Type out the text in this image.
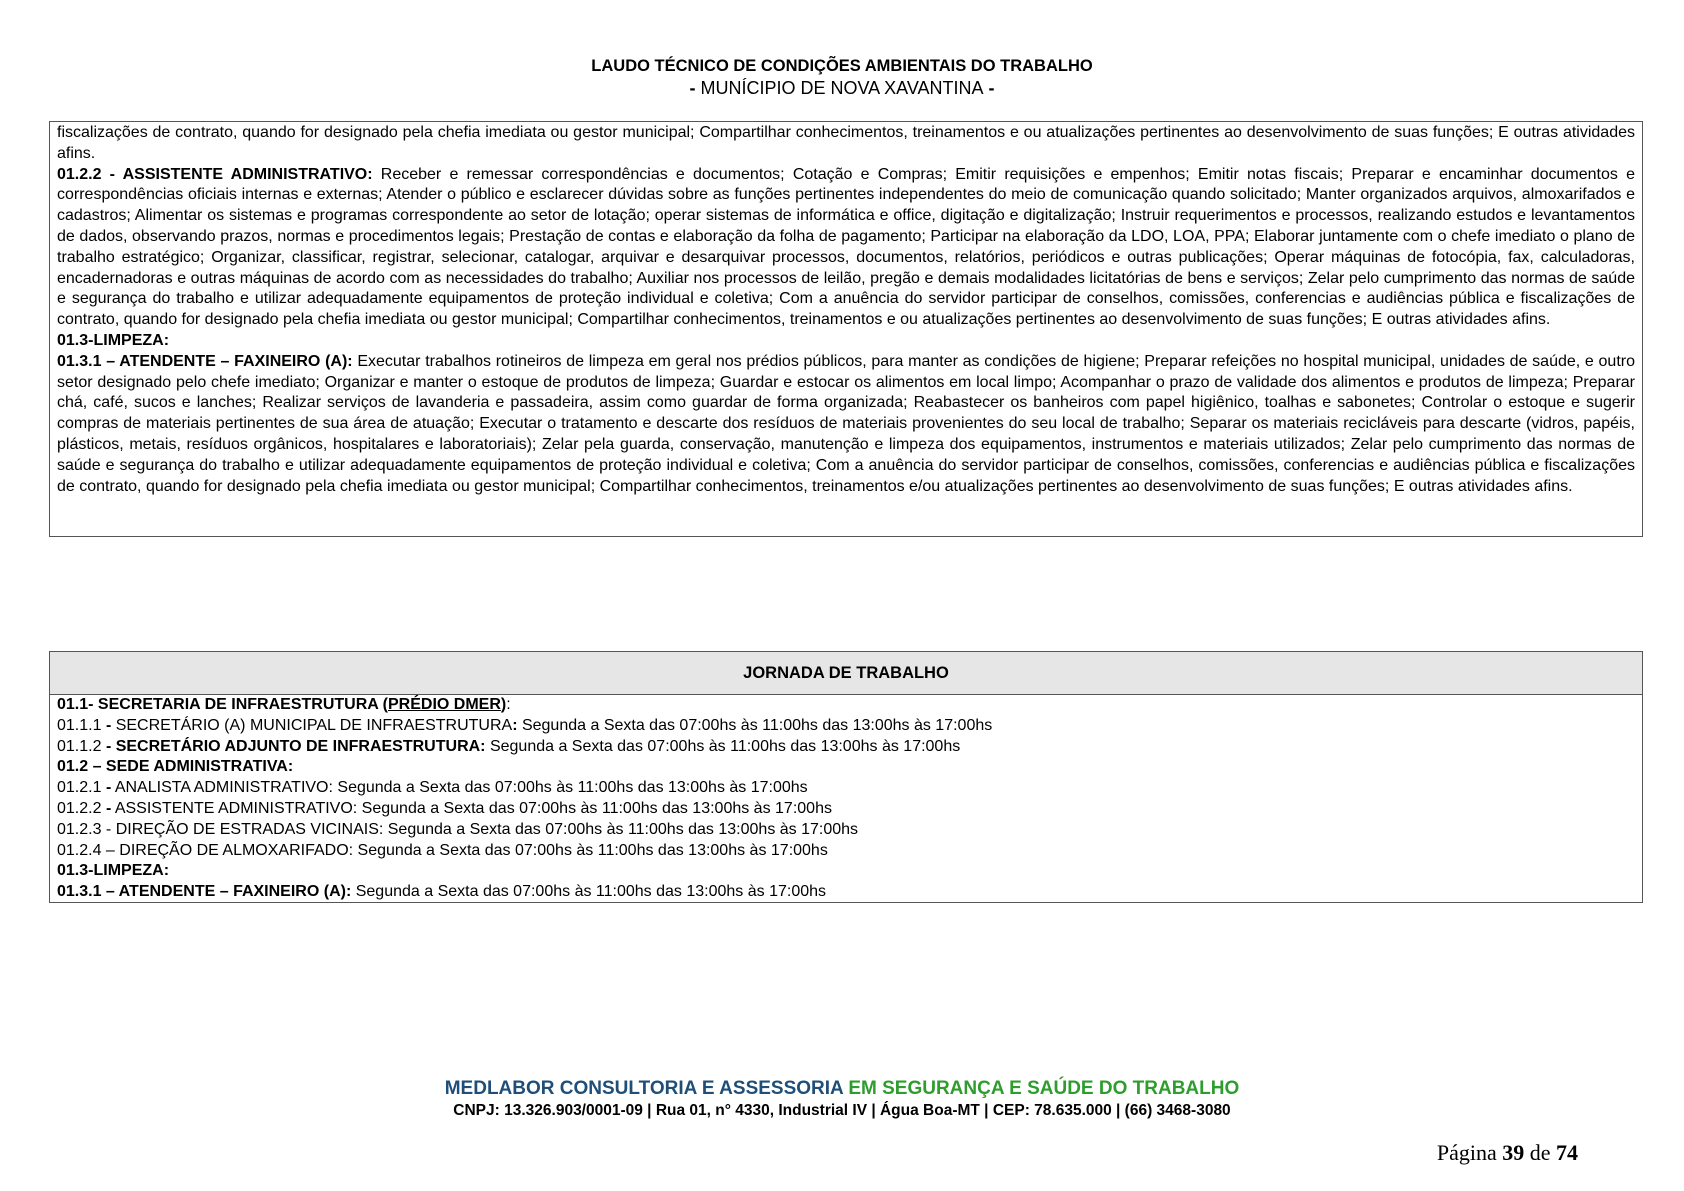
LAUDO TÉCNICO DE CONDIÇÕES AMBIENTAIS DO TRABALHO
- MUNÍCIPIO DE NOVA XAVANTINA -

fiscalizações de contrato, quando for designado pela chefia imediata ou gestor municipal; Compartilhar conhecimentos, treinamentos e ou atualizações pertinentes ao desenvolvimento de suas funções; E outras atividades afins.

01.2.2 - ASSISTENTE ADMINISTRATIVO: Receber e remessar correspondências e documentos; Cotação e Compras; Emitir requisições e empenhos; Emitir notas fiscais; Preparar e encaminhar documentos e correspondências oficiais internas e externas; Atender o público e esclarecer dúvidas sobre as funções pertinentes independentes do meio de comunicação quando solicitado; Manter organizados arquivos, almoxarifados e cadastros; Alimentar os sistemas e programas correspondente ao setor de lotação; operar sistemas de informática e office, digitação e digitalização; Instruir requerimentos e processos, realizando estudos e levantamentos de dados, observando prazos, normas e procedimentos legais; Prestação de contas e elaboração da folha de pagamento; Participar na elaboração da LDO, LOA, PPA; Elaborar juntamente com o chefe imediato o plano de trabalho estratégico; Organizar, classificar, registrar, selecionar, catalogar, arquivar e desarquivar processos, documentos, relatórios, periódicos e outras publicações; Operar máquinas de fotocópia, fax, calculadoras, encadernadoras e outras máquinas de acordo com as necessidades do trabalho; Auxiliar nos processos de leilão, pregão e demais modalidades licitatórias de bens e serviços; Zelar pelo cumprimento das normas de saúde e segurança do trabalho e utilizar adequadamente equipamentos de proteção individual e coletiva; Com a anuência do servidor participar de conselhos, comissões, conferencias e audiências pública e fiscalizações de contrato, quando for designado pela chefia imediata ou gestor municipal; Compartilhar conhecimentos, treinamentos e ou atualizações pertinentes ao desenvolvimento de suas funções; E outras atividades afins.

01.3-LIMPEZA:

01.3.1 – ATENDENTE – FAXINEIRO (A): Executar trabalhos rotineiros de limpeza em geral nos prédios públicos, para manter as condições de higiene; Preparar refeições no hospital municipal, unidades de saúde, e outro setor designado pelo chefe imediato; Organizar e manter o estoque de produtos de limpeza; Guardar e estocar os alimentos em local limpo; Acompanhar o prazo de validade dos alimentos e produtos de limpeza; Preparar chá, café, sucos e lanches; Realizar serviços de lavanderia e passadeira, assim como guardar de forma organizada; Reabastecer os banheiros com papel higiênico, toalhas e sabonetes; Controlar o estoque e sugerir compras de materiais pertinentes de sua área de atuação; Executar o tratamento e descarte dos resíduos de materiais provenientes do seu local de trabalho; Separar os materiais recicláveis para descarte (vidros, papéis, plásticos, metais, resíduos orgânicos, hospitalares e laboratoriais); Zelar pela guarda, conservação, manutenção e limpeza dos equipamentos, instrumentos e materiais utilizados; Zelar pelo cumprimento das normas de saúde e segurança do trabalho e utilizar adequadamente equipamentos de proteção individual e coletiva; Com a anuência do servidor participar de conselhos, comissões, conferencias e audiências pública e fiscalizações de contrato, quando for designado pela chefia imediata ou gestor municipal; Compartilhar conhecimentos, treinamentos e/ou atualizações pertinentes ao desenvolvimento de suas funções; E outras atividades afins.

JORNADA DE TRABALHO
01.1- SECRETARIA DE INFRAESTRUTURA (PRÉDIO DMER):
01.1.1 - SECRETÁRIO (A) MUNICIPAL DE INFRAESTRUTURA: Segunda a Sexta das 07:00hs às 11:00hs das 13:00hs às 17:00hs
01.1.2 - SECRETÁRIO ADJUNTO DE INFRAESTRUTURA: Segunda a Sexta das 07:00hs às 11:00hs das 13:00hs às 17:00hs
01.2 – SEDE ADMINISTRATIVA:
01.2.1 - ANALISTA ADMINISTRATIVO: Segunda a Sexta das 07:00hs às 11:00hs das 13:00hs às 17:00hs
01.2.2 - ASSISTENTE ADMINISTRATIVO: Segunda a Sexta das 07:00hs às 11:00hs das 13:00hs às 17:00hs
01.2.3 - DIREÇÃO DE ESTRADAS VICINAIS: Segunda a Sexta das 07:00hs às 11:00hs das 13:00hs às 17:00hs
01.2.4 – DIREÇÃO DE ALMOXARIFADO: Segunda a Sexta das 07:00hs às 11:00hs das 13:00hs às 17:00hs
01.3-LIMPEZA:
01.3.1 – ATENDENTE – FAXINEIRO (A): Segunda a Sexta das 07:00hs às 11:00hs das 13:00hs às 17:00hs
MEDLABOR CONSULTORIA E ASSESSORIA EM SEGURANÇA E SAÚDE DO TRABALHO
CNPJ: 13.326.903/0001-09 | Rua 01, n° 4330, Industrial IV | Água Boa-MT | CEP: 78.635.000 | (66) 3468-3080
Página 39 de 74
